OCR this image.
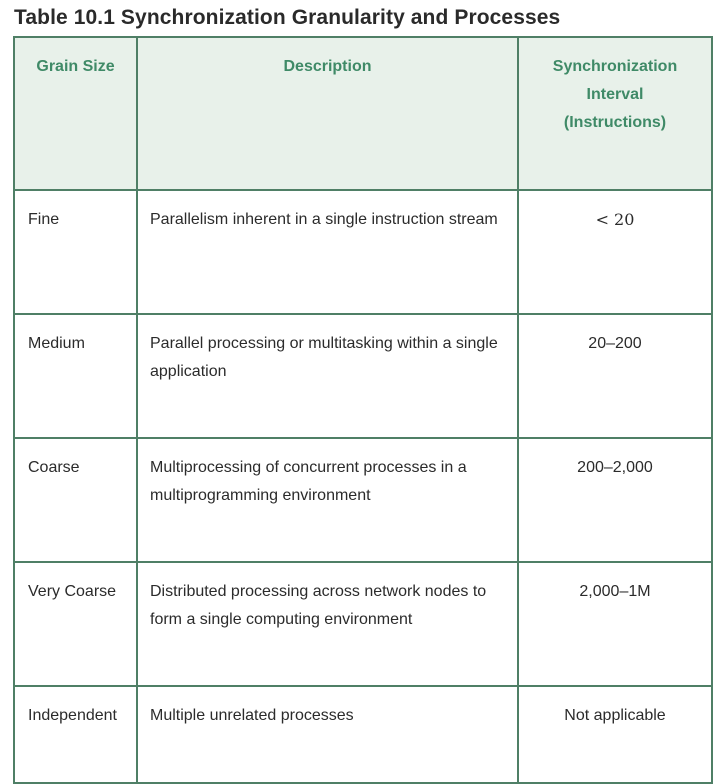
Table 10.1 Synchronization Granularity and Processes
Grain Size	Description	Synchronization
Interval
(Instructions)
Fine	Parallelism inherent in a single instruction stream	< 20
Medium	Parallel processing or multitasking within a single application	20–200
Coarse	Multiprocessing of concurrent processes in a multiprogramming environment	200–2,000
Very Coarse	Distributed processing across network nodes to form a single computing environment	2,000–1M
Independent	Multiple unrelated processes	Not applicable
